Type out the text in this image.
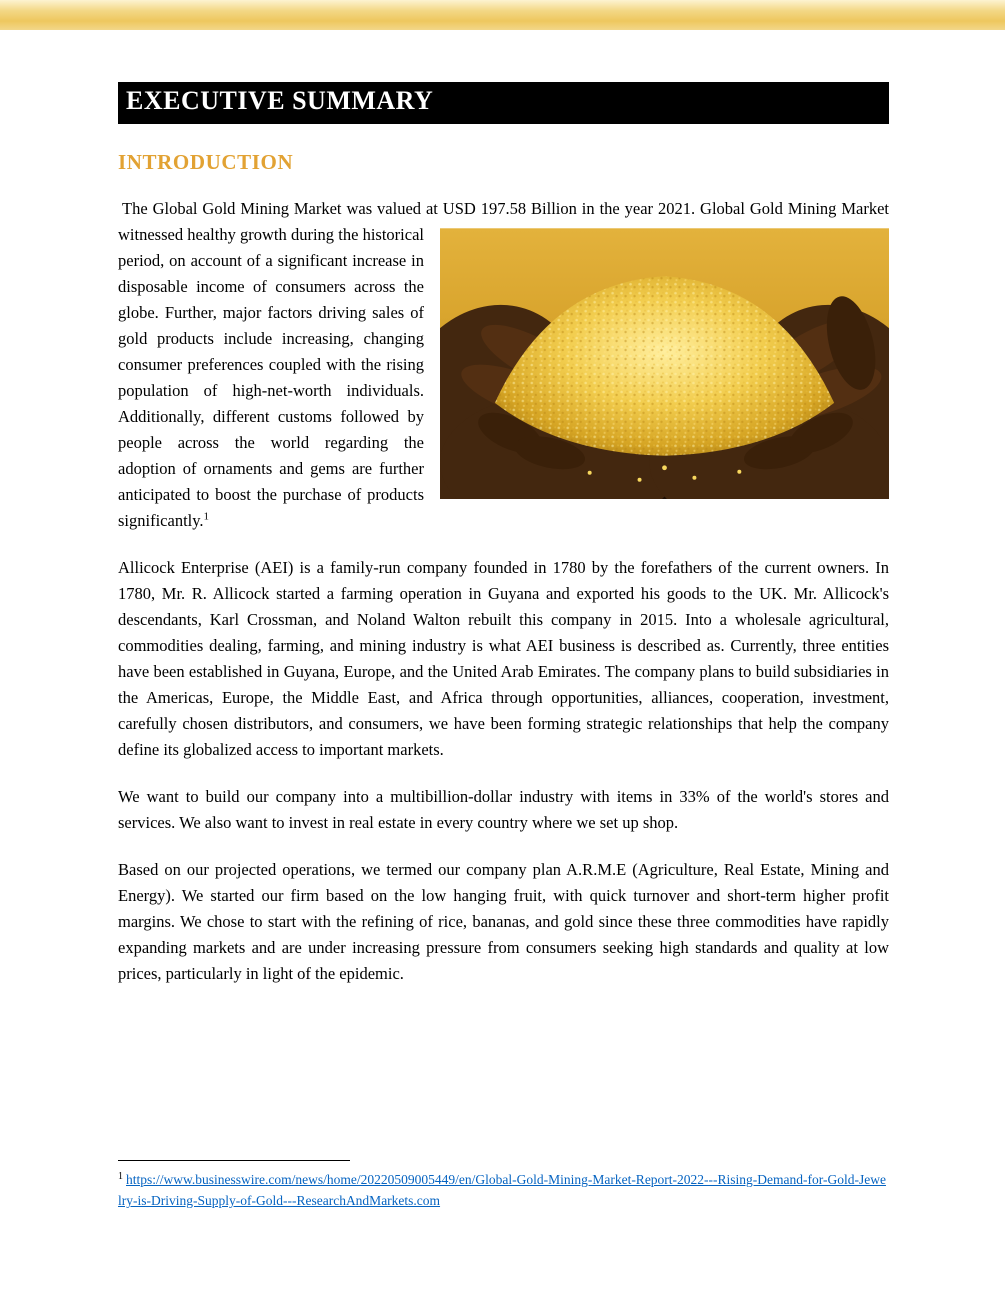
EXECUTIVE SUMMARY
INTRODUCTION

The Global Gold Mining Market was valued at USD 197.58 Billion in the year 2021. Global Gold
Mining Market witnessed healthy growth during the historical period, on account of a significant increase in disposable income of consumers across the globe. Further, major factors driving sales of gold products include increasing, changing consumer preferences coupled with the rising population of high-net-worth individuals. Additionally, different customs followed by people across the world regarding the adoption of ornaments and gems are further anticipated to boost the purchase of products significantly.$^1$

Allicock Enterprise (AEI) is a family-run company founded in 1780 by the forefathers of the current owners. In 1780, Mr. R. Allicock started a farming operation in Guyana and exported his goods to the UK. Mr. Allicock's descendants, Karl Crossman, and Noland Walton rebuilt this company in 2015. Into a wholesale agricultural, commodities dealing, farming, and mining industry is what AEI business is described as. Currently, three entities have been established in Guyana, Europe, and the United Arab Emirates. The company plans to build subsidiaries in the Americas, Europe, the Middle East, and Africa through opportunities, alliances, cooperation, investment, carefully chosen distributors, and consumers, we have been forming strategic relationships that help the company define its globalized access to important markets.

We want to build our company into a multibillion-dollar industry with items in 33% of the world's stores and services. We also want to invest in real estate in every country where we set up shop.

Based on our projected operations, we termed our company plan A.R.M.E (Agriculture, Real Estate, Mining and Energy). We started our firm based on the low hanging fruit, with quick turnover and short-term higher profit margins. We chose to start with the refining of rice, bananas, and gold since these three commodities have rapidly expanding markets and are under increasing pressure from consumers seeking high standards and quality at low prices, particularly in light of the epidemic.

$^1$ https://www.businesswire.com/news/home/20220509005449/en/Global-Gold-Mining-Market-Report-2022---Rising-Demand-for-Gold-Jewelry-is-Driving-Supply-of-Gold---ResearchAndMarkets.com
